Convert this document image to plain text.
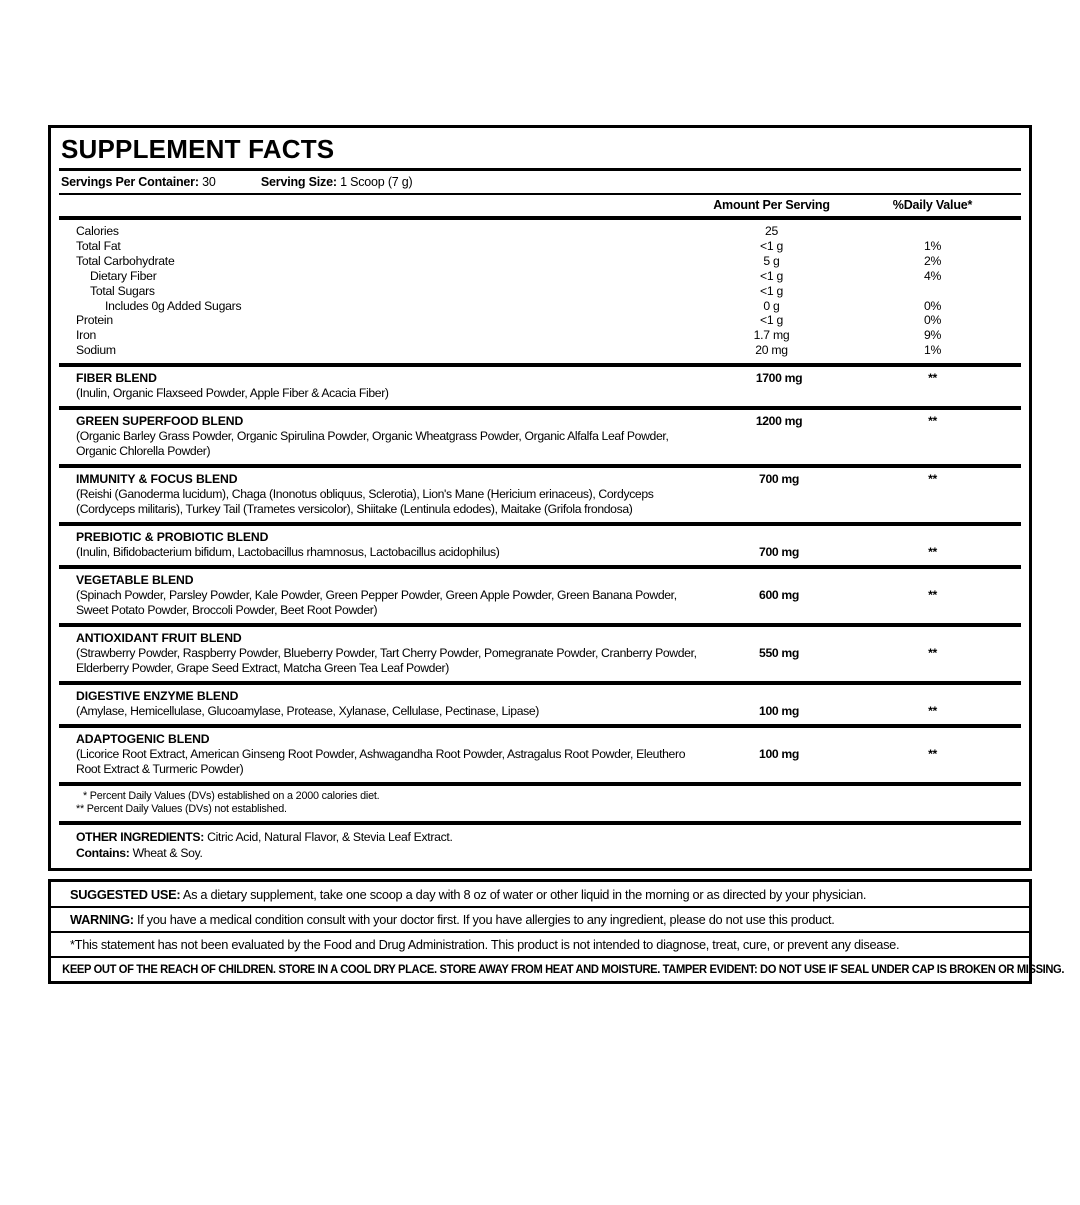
SUPPLEMENT FACTS
Servings Per Container: 30	Serving Size: 1 Scoop (7 g)
Amount Per Serving	%Daily Value*
Calories	25
Total Fat	<1 g	1%
Total Carbohydrate	5 g	2%
Dietary Fiber	<1 g	4%
Total Sugars	<1 g
Includes 0g Added Sugars	0 g	0%
Protein	<1 g	0%
Iron	1.7 mg	9%
Sodium	20 mg	1%
FIBER BLEND
(Inulin, Organic Flaxseed Powder, Apple Fiber & Acacia Fiber)
1700 mg	**
GREEN SUPERFOOD BLEND
(Organic Barley Grass Powder, Organic Spirulina Powder, Organic Wheatgrass Powder, Organic Alfalfa Leaf Powder, Organic Chlorella Powder)
1200 mg	**
IMMUNITY & FOCUS BLEND
(Reishi (Ganoderma lucidum), Chaga (Inonotus obliquus, Sclerotia), Lion's Mane (Hericium erinaceus), Cordyceps (Cordyceps militaris), Turkey Tail (Trametes versicolor), Shiitake (Lentinula edodes), Maitake (Grifola frondosa)
700 mg	**
PREBIOTIC & PROBIOTIC BLEND
(Inulin, Bifidobacterium bifidum, Lactobacillus rhamnosus, Lactobacillus acidophilus)	700 mg	**
VEGETABLE BLEND
(Spinach Powder, Parsley Powder, Kale Powder, Green Pepper Powder, Green Apple Powder, Green Banana Powder, Sweet Potato Powder, Broccoli Powder, Beet Root Powder)
600 mg	**
ANTIOXIDANT FRUIT BLEND
(Strawberry Powder, Raspberry Powder, Blueberry Powder, Tart Cherry Powder, Pomegranate Powder, Cranberry Powder, Elderberry Powder, Grape Seed Extract, Matcha Green Tea Leaf Powder)
550 mg	**
DIGESTIVE ENZYME BLEND
(Amylase, Hemicellulase, Glucoamylase, Protease, Xylanase, Cellulase, Pectinase, Lipase)	100 mg	**
ADAPTOGENIC BLEND
(Licorice Root Extract, American Ginseng Root Powder, Ashwagandha Root Powder, Astragalus Root Powder, Eleuthero Root Extract & Turmeric Powder)
100 mg	**
* Percent Daily Values (DVs) established on a 2000 calories diet.
** Percent Daily Values (DVs) not established.
OTHER INGREDIENTS: Citric Acid, Natural Flavor, & Stevia Leaf Extract.
Contains: Wheat & Soy.
SUGGESTED USE: As a dietary supplement, take one scoop a day with 8 oz of water or other liquid in the morning or as directed by your physician.
WARNING: If you have a medical condition consult with your doctor first. If you have allergies to any ingredient, please do not use this product.
*This statement has not been evaluated by the Food and Drug Administration. This product is not intended to diagnose, treat, cure, or prevent any disease.
KEEP OUT OF THE REACH OF CHILDREN. STORE IN A COOL DRY PLACE. STORE AWAY FROM HEAT AND MOISTURE. TAMPER EVIDENT: DO NOT USE IF SEAL UNDER CAP IS BROKEN OR MISSING.
